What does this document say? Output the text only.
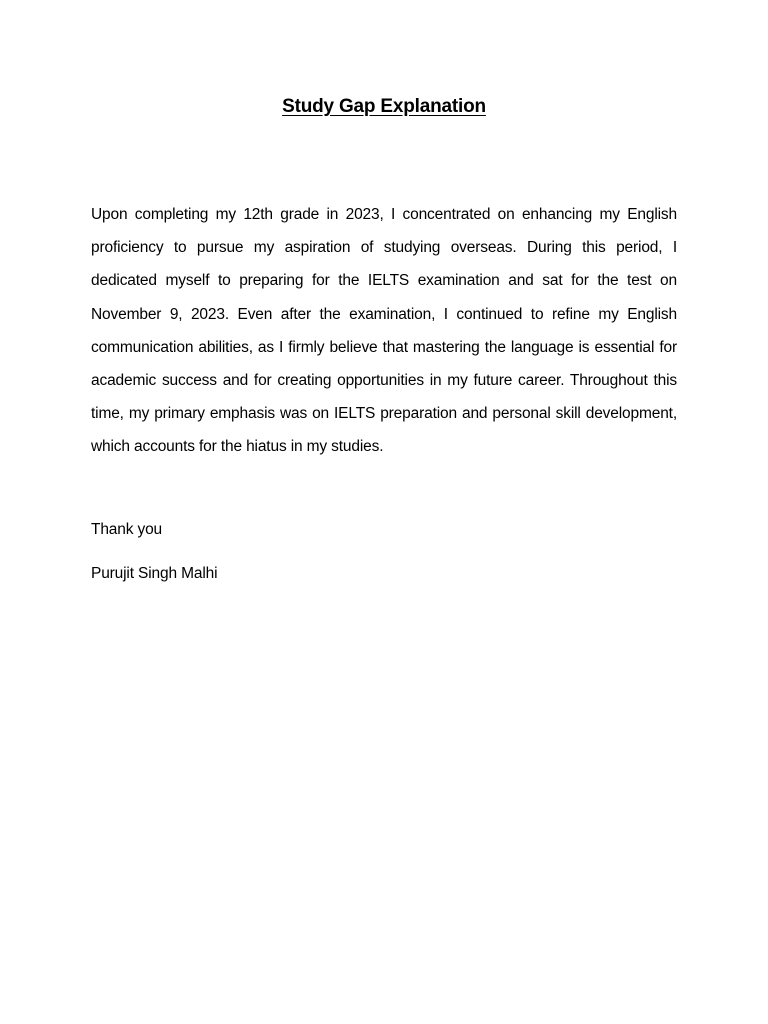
Study Gap Explanation

Upon completing my 12th grade in 2023, I concentrated on enhancing my English proficiency to pursue my aspiration of studying overseas. During this period, I dedicated myself to preparing for the IELTS examination and sat for the test on November 9, 2023. Even after the examination, I continued to refine my English communication abilities, as I firmly believe that mastering the language is essential for academic success and for creating opportunities in my future career. Throughout this time, my primary emphasis was on IELTS preparation and personal skill development, which accounts for the hiatus in my studies.

Thank you

Purujit Singh Malhi
